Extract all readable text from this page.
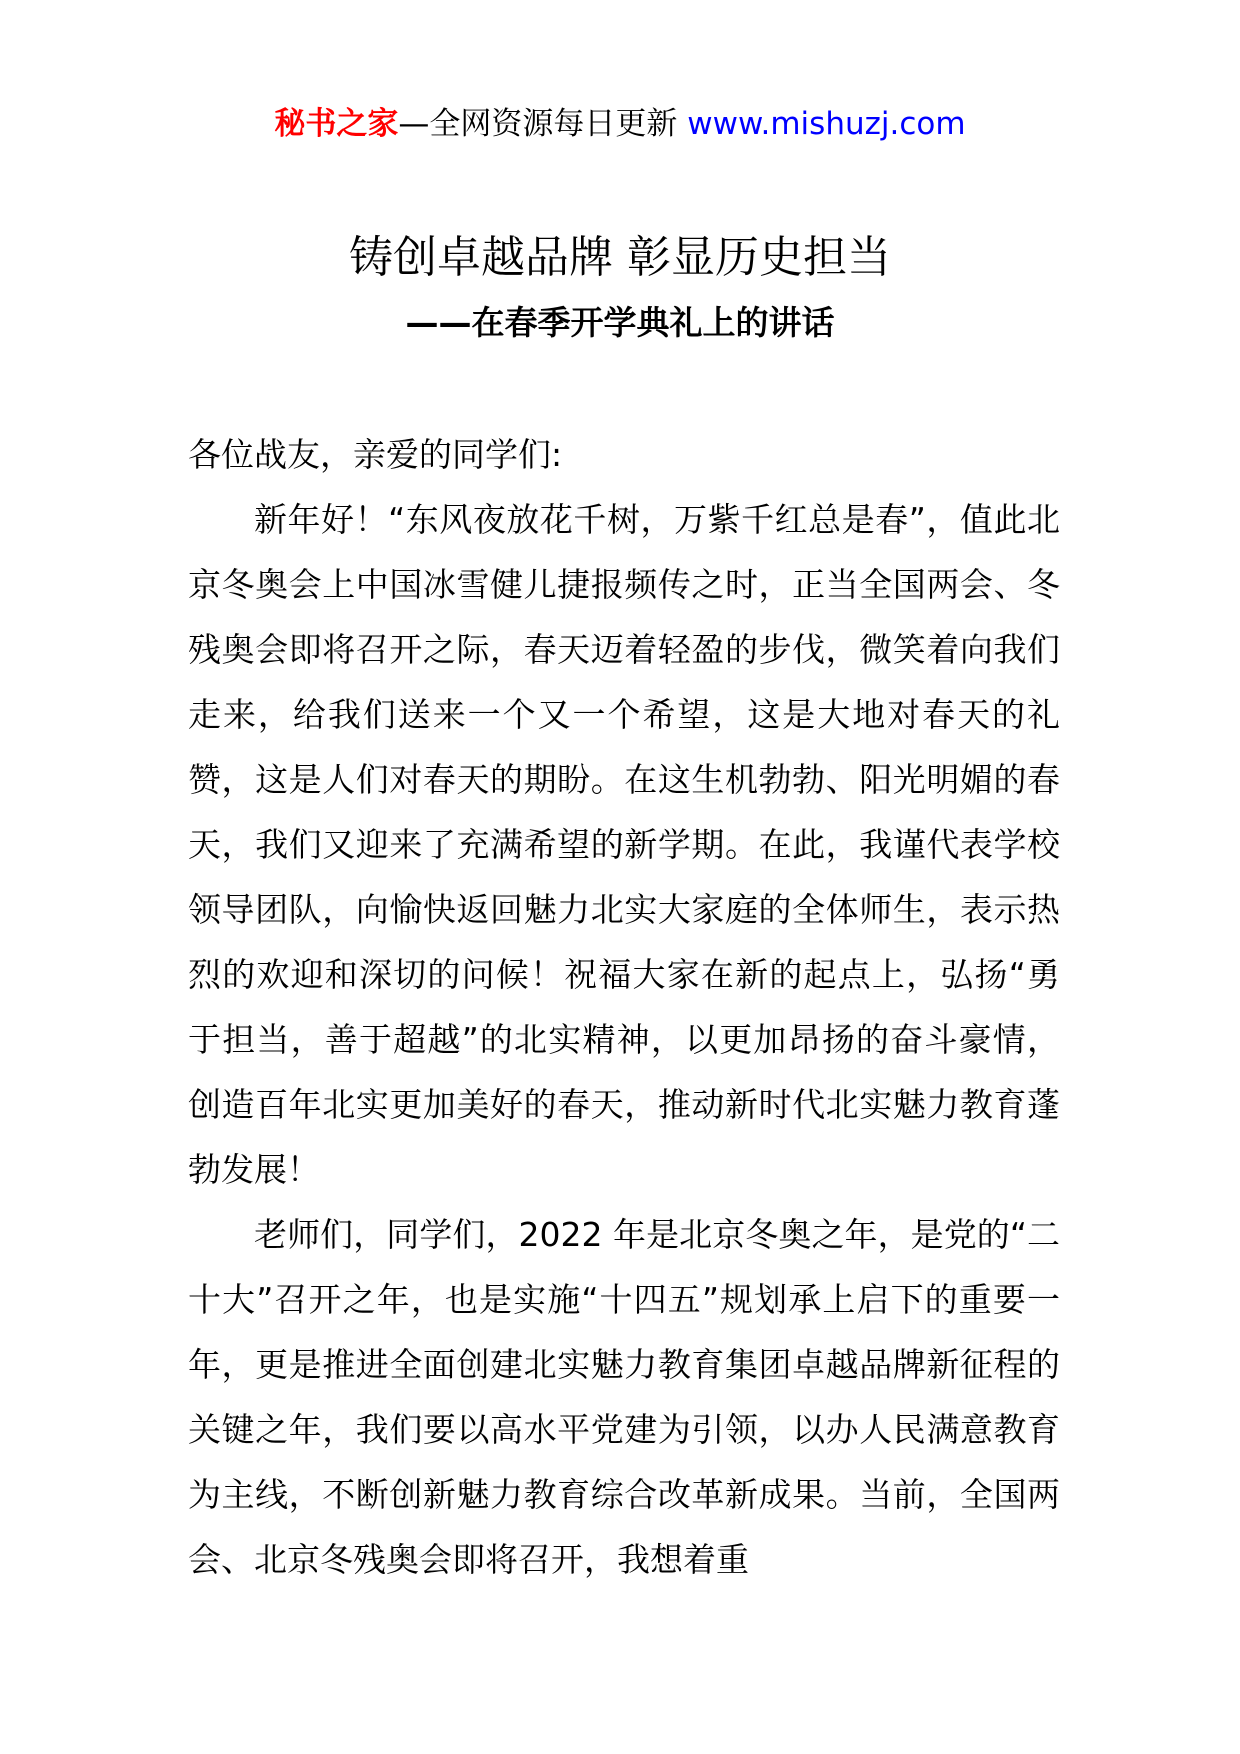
秘书之家—全网资源每日更新 www.mishuzj.com
铸创卓越品牌 彰显历史担当
——在春季开学典礼上的讲话

各位战友，亲爱的同学们:

新年好！“东风夜放花千树，万紫千红总是春”，值此北京冬奥会上中国冰雪健儿捷报频传之时，正当全国两会、冬残奥会即将召开之际，春天迈着轻盈的步伐，微笑着向我们走来，给我们送来一个又一个希望，这是大地对春天的礼赞，这是人们对春天的期盼。在这生机勃勃、阳光明媚的春天，我们又迎来了充满希望的新学期。在此，我谨代表学校领导团队，向愉快返回魅力北实大家庭的全体师生，表示热烈的欢迎和深切的问候！祝福大家在新的起点上，弘扬“勇于担当，善于超越”的北实精神，以更加昂扬的奋斗豪情，创造百年北实更加美好的春天，推动新时代北实魅力教育蓬勃发展！

老师们，同学们，2022 年是北京冬奥之年，是党的“二十大”召开之年，也是实施“十四五”规划承上启下的重要一年，更是推进全面创建北实魅力教育集团卓越品牌新征程的关键之年，我们要以高水平党建为引领，以办人民满意教育为主线，不断创新魅力教育综合改革新成果。当前，全国两会、北京冬残奥会即将召开，我想着重
